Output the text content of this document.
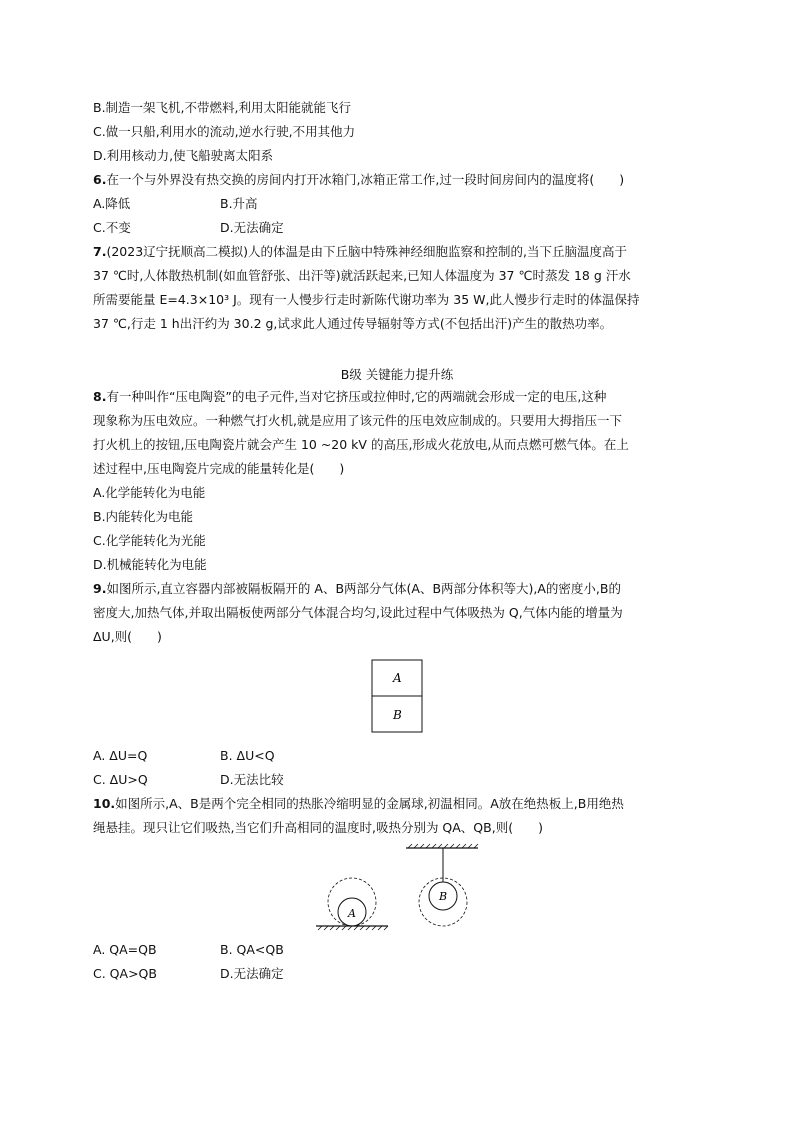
B.制造一架飞机,不带燃料,利用太阳能就能飞行
C.做一只船,利用水的流动,逆水行驶,不用其他力
D.利用核动力,使飞船驶离太阳系
6.在一个与外界没有热交换的房间内打开冰箱门,冰箱正常工作,过一段时间房间内的温度将(　　)
A.降低	B.升高
C.不变	D.无法确定
7.(2023辽宁抚顺高二模拟)人的体温是由下丘脑中特殊神经细胞监察和控制的,当下丘脑温度高于
37 ℃时,人体散热机制(如血管舒张、出汗等)就活跃起来,已知人体温度为 37 ℃时蒸发 18 g 汗水
所需要能量 E=4.3×10³ J。现有一人慢步行走时新陈代谢功率为 35 W,此人慢步行走时的体温保持
37 ℃,行走 1 h出汗约为 30.2 g,试求此人通过传导辐射等方式(不包括出汗)产生的散热功率。
B级 关键能力提升练
8.有一种叫作“压电陶瓷”的电子元件,当对它挤压或拉伸时,它的两端就会形成一定的电压,这种
现象称为压电效应。一种燃气打火机,就是应用了该元件的压电效应制成的。只要用大拇指压一下
打火机上的按钮,压电陶瓷片就会产生 10 ~20 kV 的高压,形成火花放电,从而点燃可燃气体。在上
述过程中,压电陶瓷片完成的能量转化是(　　)
A.化学能转化为电能
B.内能转化为电能
C.化学能转化为光能
D.机械能转化为电能
9.如图所示,直立容器内部被隔板隔开的 A、B两部分气体(A、B两部分体积等大),A的密度小,B的
密度大,加热气体,并取出隔板使两部分气体混合均匀,设此过程中气体吸热为 Q,气体内能的增量为
ΔU,则(　　)
A
B
A. ΔU=Q	B. ΔU<Q
C. ΔU>Q	D.无法比较
10.如图所示,A、B是两个完全相同的热胀冷缩明显的金属球,初温相同。A放在绝热板上,B用绝热
绳悬挂。现只让它们吸热,当它们升高相同的温度时,吸热分别为 QA、QB,则(　　)
A
B
A. QA=QB	B. QA<QB
C. QA>QB	D.无法确定
